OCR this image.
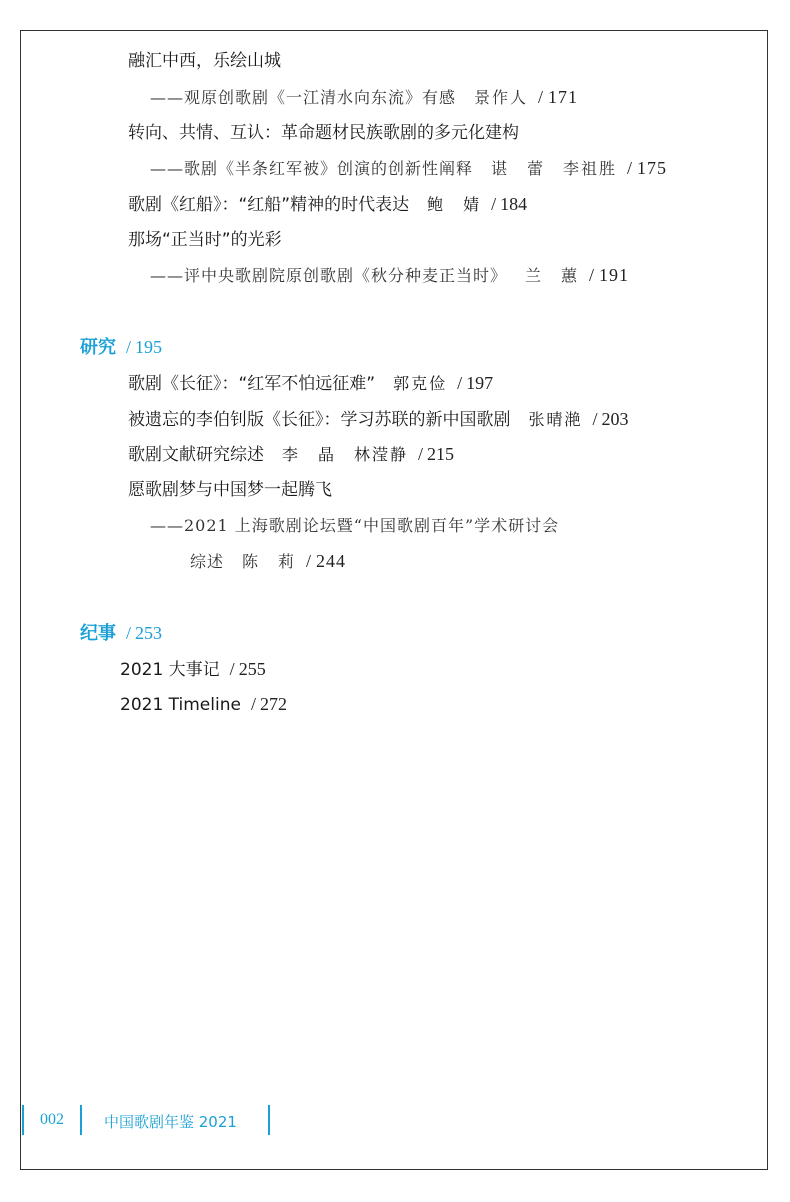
融汇中西，乐绘山城
——观原创歌剧《一江清水向东流》有感 景作人 / 171
转向、共情、互认：革命题材民族歌剧的多元化建构
——歌剧《半条红军被》创演的创新性阐释 谌　蕾　李祖胜 / 175
歌剧《红船》：“红船”精神的时代表达 鲍　婧 / 184
那场“正当时”的光彩
——评中央歌剧院原创歌剧《秋分种麦正当时》 兰　蕙 / 191
研究 / 195
歌剧《长征》：“红军不怕远征难” 郭克俭 / 197
被遗忘的李伯钊版《长征》：学习苏联的新中国歌剧 张晴滟 / 203
歌剧文献研究综述 李　晶　林滢静 / 215
愿歌剧梦与中国梦一起腾飞
——2021 上海歌剧论坛暨“中国歌剧百年”学术研讨会
综述 陈　莉 / 244
纪事 / 253
2021 大事记 / 255
2021 Timeline / 272
002	中国歌剧年鉴 2021
